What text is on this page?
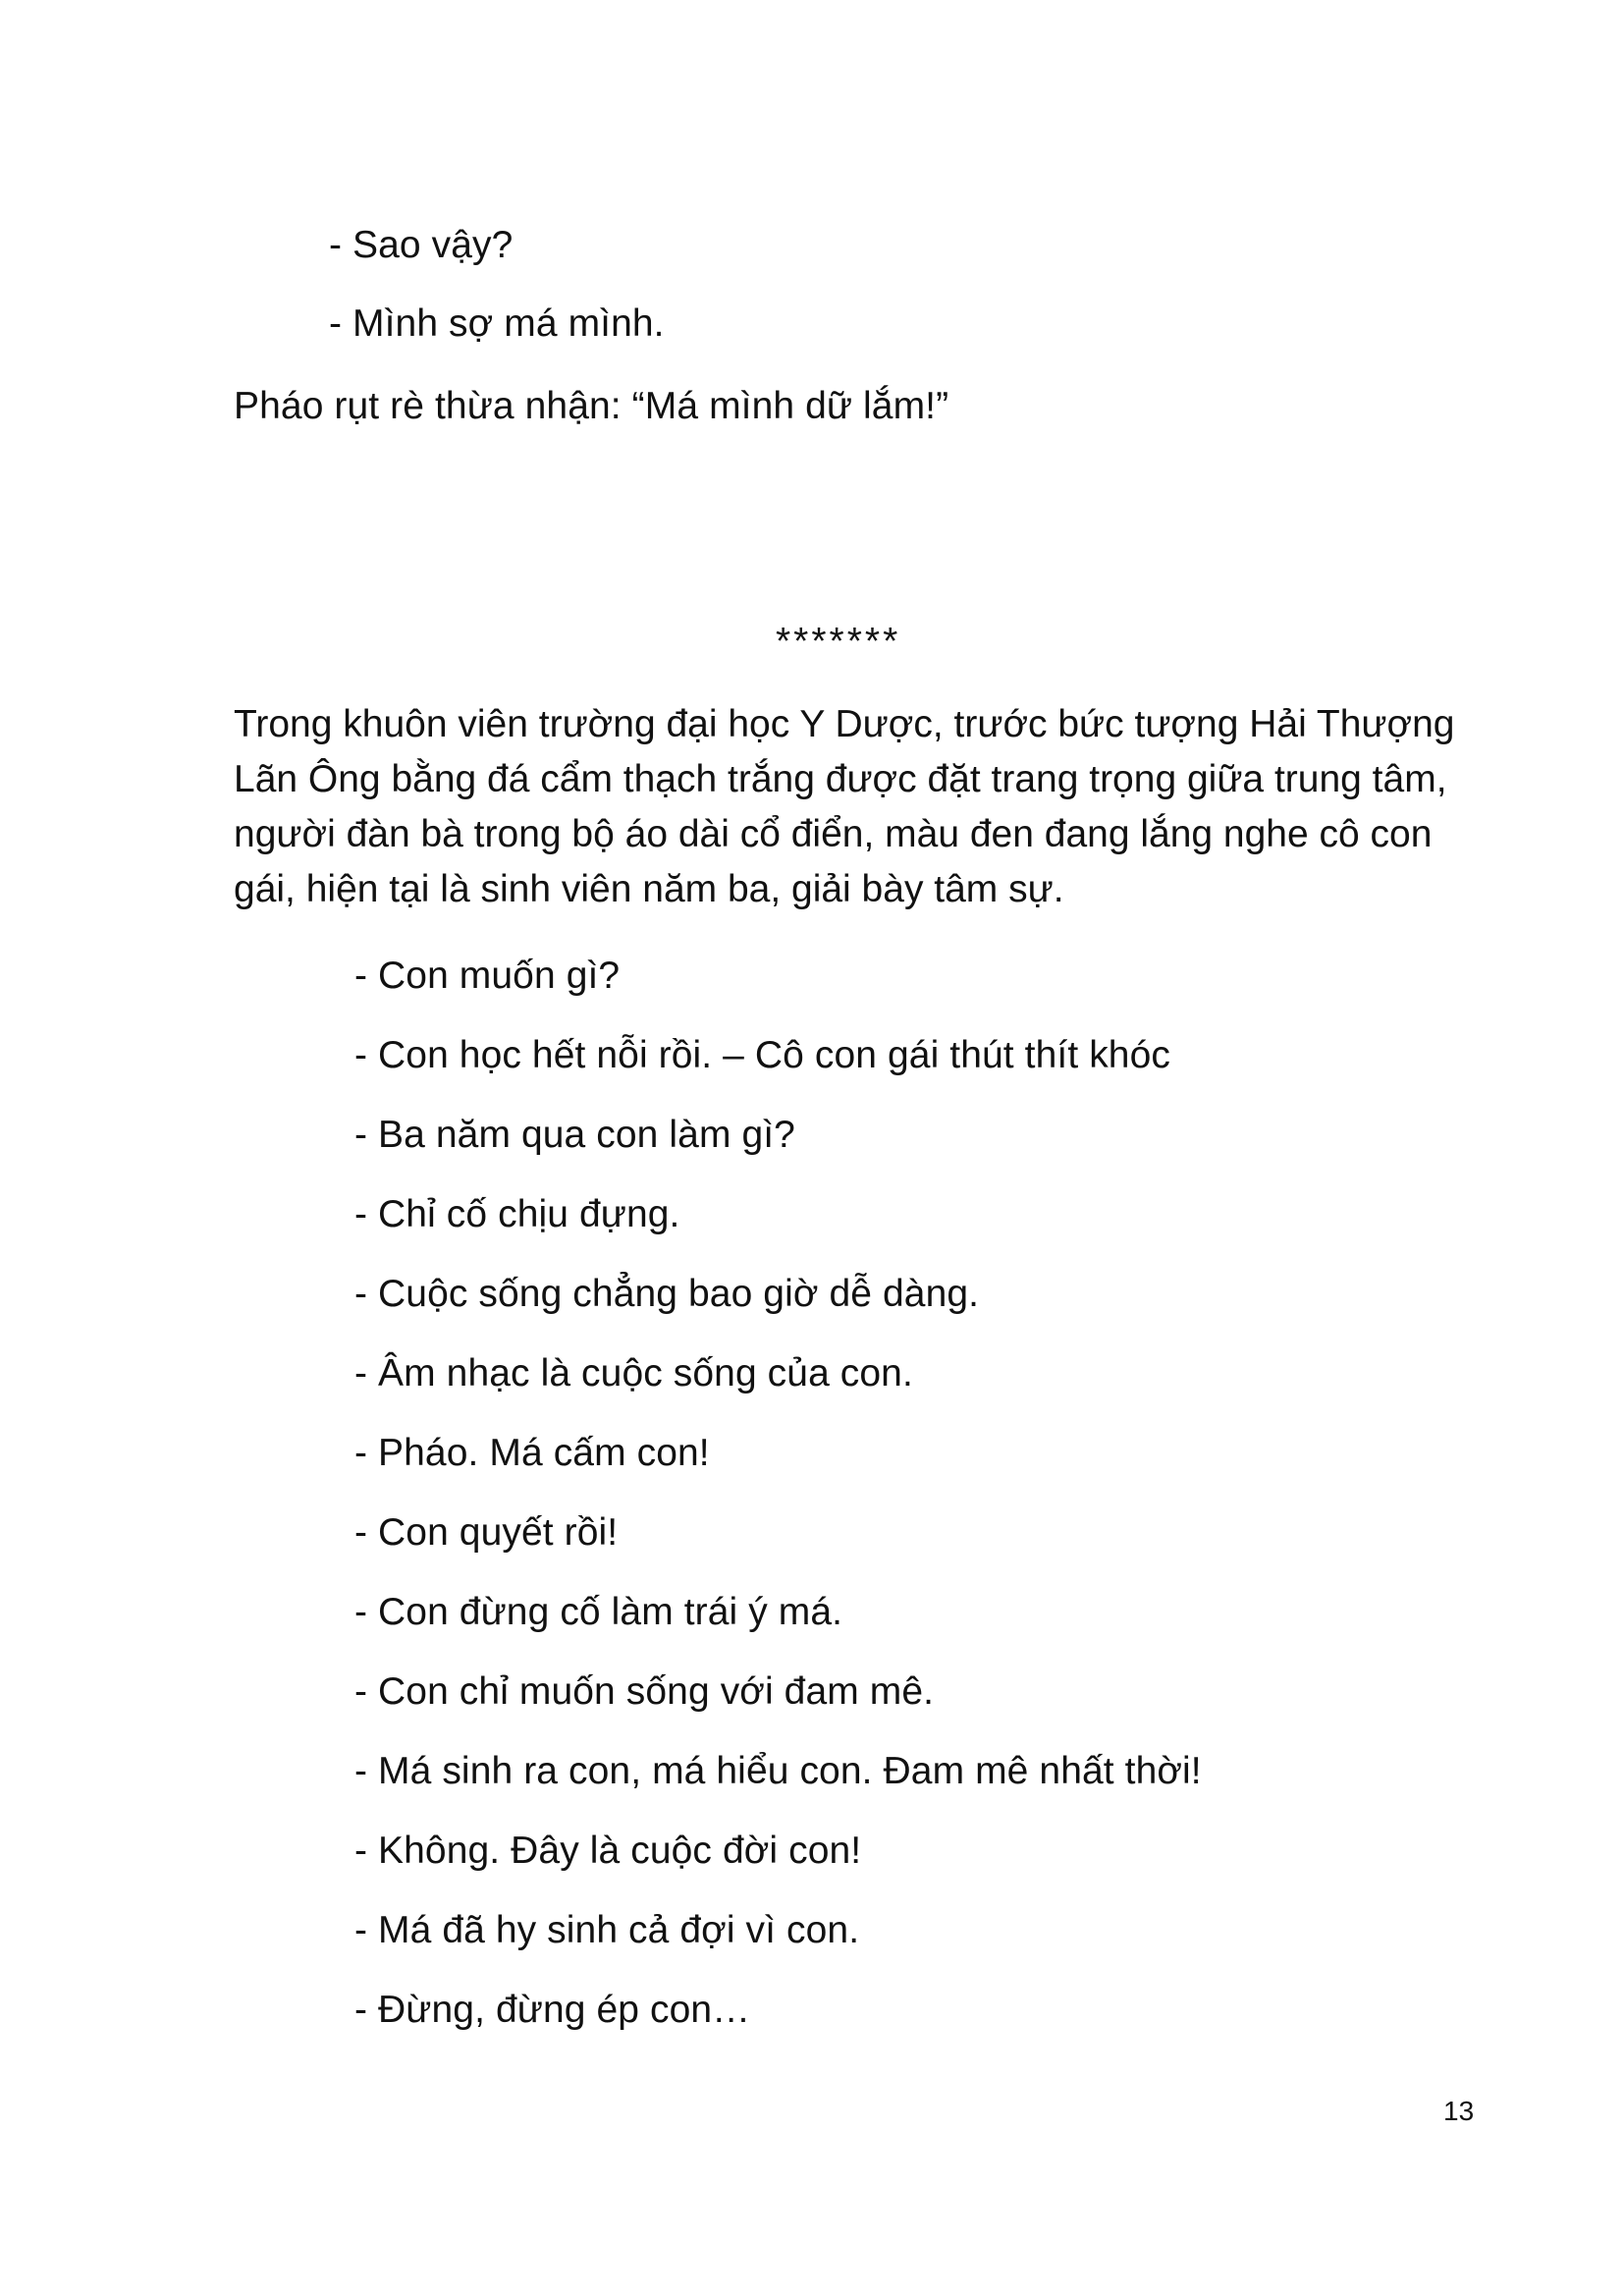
- Sao vậy?
- Mình sợ má mình.
Pháo rụt rè thừa nhận: “Má mình dữ lắm!”
*******
Trong khuôn viên trường đại học Y Dược, trước bức tượng Hải Thượng
Lãn Ông bằng đá cẩm thạch trắng được đặt trang trọng giữa trung tâm,
người đàn bà trong bộ áo dài cổ điển, màu đen đang lắng nghe cô con
gái, hiện tại là sinh viên năm ba, giải bày tâm sự.
- Con muốn gì?
- Con học hết nỗi rồi. – Cô con gái thút thít khóc
- Ba năm qua con làm gì?
- Chỉ cố chịu đựng.
- Cuộc sống chẳng bao giờ dễ dàng.
- Âm nhạc là cuộc sống của con.
- Pháo. Má cấm con!
- Con quyết rồi!
- Con đừng cố làm trái ý má.
- Con chỉ muốn sống với đam mê.
- Má sinh ra con, má hiểu con. Đam mê nhất thời!
- Không. Đây là cuộc đời con!
- Má đã hy sinh cả đợi vì con.
- Đừng, đừng ép con…
13
